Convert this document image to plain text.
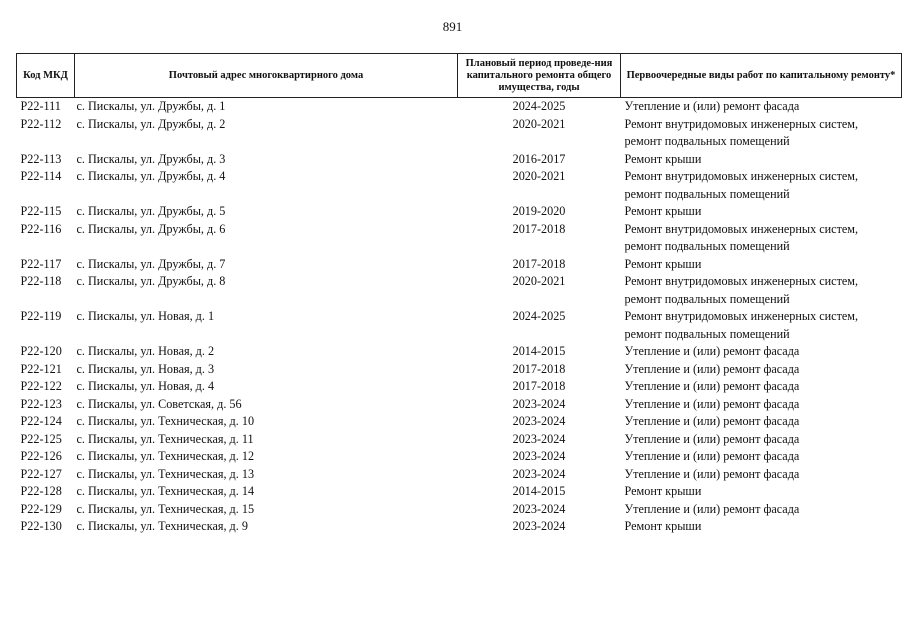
891
Код МКД	Почтовый адрес многоквартирного дома	Плановый период проведе-ния капитального ремонта общего имущества, годы	Первоочередные виды работ по капитальному ремонту*
Р22-111	с. Пискалы, ул. Дружбы, д. 1	2024-2025	Утепление и (или) ремонт фасада

Р22-112	с. Пискалы, ул. Дружбы, д. 2	2020-2021	Ремонт внутридомовых инженерных систем,
ремонт подвальных помещений

Р22-113	с. Пискалы, ул. Дружбы, д. 3	2016-2017	Ремонт крыши

Р22-114	с. Пискалы, ул. Дружбы, д. 4	2020-2021	Ремонт внутридомовых инженерных систем,
ремонт подвальных помещений

Р22-115	с. Пискалы, ул. Дружбы, д. 5	2019-2020	Ремонт крыши

Р22-116	с. Пискалы, ул. Дружбы, д. 6	2017-2018	Ремонт внутридомовых инженерных систем,
ремонт подвальных помещений

Р22-117	с. Пискалы, ул. Дружбы, д. 7	2017-2018	Ремонт крыши

Р22-118	с. Пискалы, ул. Дружбы, д. 8	2020-2021	Ремонт внутридомовых инженерных систем,
ремонт подвальных помещений

Р22-119	с. Пискалы, ул. Новая, д. 1	2024-2025	Ремонт внутридомовых инженерных систем,
ремонт подвальных помещений

Р22-120	с. Пискалы, ул. Новая, д. 2	2014-2015	Утепление и (или) ремонт фасада

Р22-121	с. Пискалы, ул. Новая, д. 3	2017-2018	Утепление и (или) ремонт фасада

Р22-122	с. Пискалы, ул. Новая, д. 4	2017-2018	Утепление и (или) ремонт фасада

Р22-123	с. Пискалы, ул. Советская, д. 56	2023-2024	Утепление и (или) ремонт фасада

Р22-124	с. Пискалы, ул. Техническая, д. 10	2023-2024	Утепление и (или) ремонт фасада

Р22-125	с. Пискалы, ул. Техническая, д. 11	2023-2024	Утепление и (или) ремонт фасада

Р22-126	с. Пискалы, ул. Техническая, д. 12	2023-2024	Утепление и (или) ремонт фасада

Р22-127	с. Пискалы, ул. Техническая, д. 13	2023-2024	Утепление и (или) ремонт фасада

Р22-128	с. Пискалы, ул. Техническая, д. 14	2014-2015	Ремонт крыши

Р22-129	с. Пискалы, ул. Техническая, д. 15	2023-2024	Утепление и (или) ремонт фасада

Р22-130	с. Пискалы, ул. Техническая, д. 9	2023-2024	Ремонт крыши
